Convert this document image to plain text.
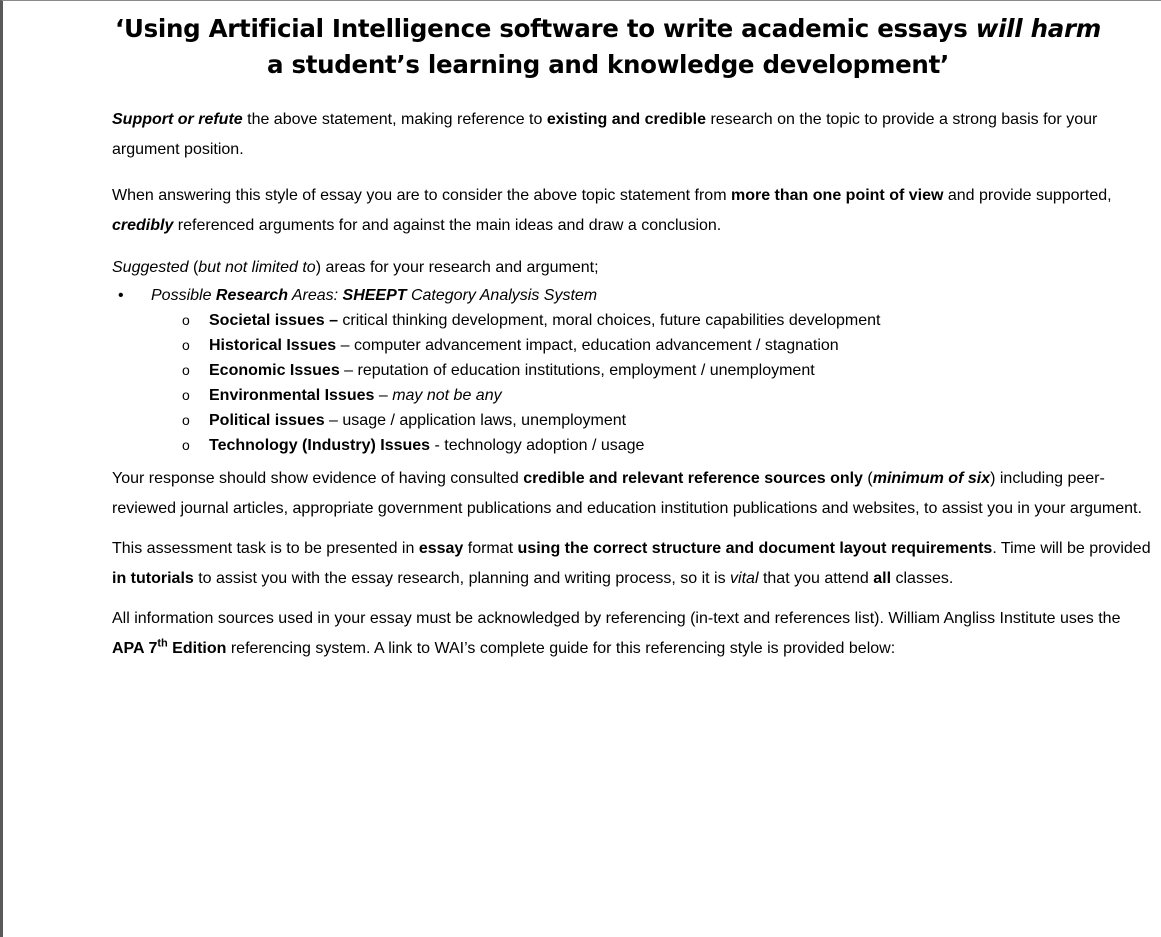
‘Using Artificial Intelligence software to write academic essays will harm a student’s learning and knowledge development’

Support or refute the above statement, making reference to existing and credible research on the topic to provide a strong basis for your argument position.

When answering this style of essay you are to consider the above topic statement from more than one point of view and provide supported, credibly referenced arguments for and against the main ideas and draw a conclusion.

Suggested (but not limited to) areas for your research and argument;

• Possible Research Areas: SHEEPT Category Analysis System
o Societal issues – critical thinking development, moral choices, future capabilities development
o Historical Issues – computer advancement impact, education advancement / stagnation
o Economic Issues – reputation of education institutions, employment / unemployment
o Environmental Issues – may not be any
o Political issues – usage / application laws, unemployment
o Technology (Industry) Issues - technology adoption / usage

Your response should show evidence of having consulted credible and relevant reference sources only (minimum of six) including peer-reviewed journal articles, appropriate government publications and education institution publications and websites, to assist you in your argument.

This assessment task is to be presented in essay format using the correct structure and document layout requirements. Time will be provided in tutorials to assist you with the essay research, planning and writing process, so it is vital that you attend all classes.

All information sources used in your essay must be acknowledged by referencing (in-text and references list). William Angliss Institute uses the APA 7th Edition referencing system. A link to WAI’s complete guide for this referencing style is provided below:
